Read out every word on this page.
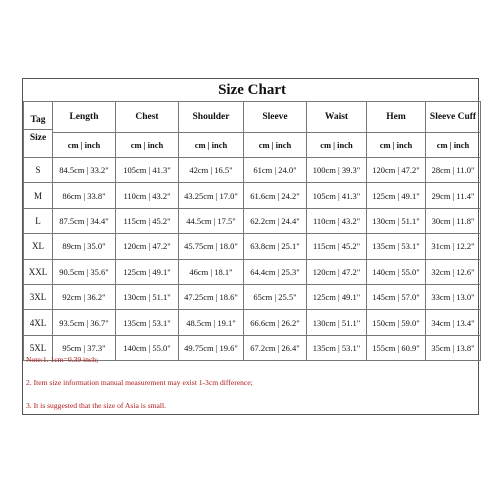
Size Chart							

Tag
Size	Length	Chest	Shoulder	Sleeve	Waist	Hem	Sleeve Cuff
	cm | inch	cm | inch	cm | inch	cm | inch	cm | inch	cm | inch	cm | inch
S	84.5cm | 33.2"	105cm | 41.3"	42cm | 16.5"	61cm | 24.0"	100cm | 39.3"	120cm | 47.2"	28cm | 11.0"
M	86cm | 33.8"	110cm | 43.2"	43.25cm | 17.0"	61.6cm | 24.2"	105cm | 41.3"	125cm | 49.1"	29cm | 11.4"
L	87.5cm | 34.4"	115cm | 45.2"	44.5cm | 17.5"	62.2cm | 24.4"	110cm | 43.2"	130cm | 51.1"	30cm | 11.8"
XL	89cm | 35.0"	120cm | 47.2"	45.75cm | 18.0"	63.8cm | 25.1"	115cm | 45.2"	135cm | 53.1"	31cm | 12.2"
XXL	90.5cm | 35.6"	125cm | 49.1"	46cm | 18.1"	64.4cm | 25.3"	120cm | 47.2"	140cm | 55.0"	32cm | 12.6"
3XL	92cm | 36.2"	130cm | 51.1"	47.25cm | 18.6"	65cm | 25.5"	125cm | 49.1"	145cm | 57.0"	33cm | 13.0"
4XL	93.5cm | 36.7"	135cm | 53.1"	48.5cm | 19.1"	66.6cm | 26.2"	130cm | 51.1"	150cm | 59.0"	34cm | 13.4"
5XL	95cm | 37.3"	140cm | 55.0"	49.75cm | 19.6"	67.2cm | 26.4"	135cm | 53.1"	155cm | 60.9"	35cm | 13.8"
Note:1. 1cm=0.39 inch;
2. Item size information manual measurement may exist 1-3cm difference;
3. It is suggested that the size of Asia is small.
